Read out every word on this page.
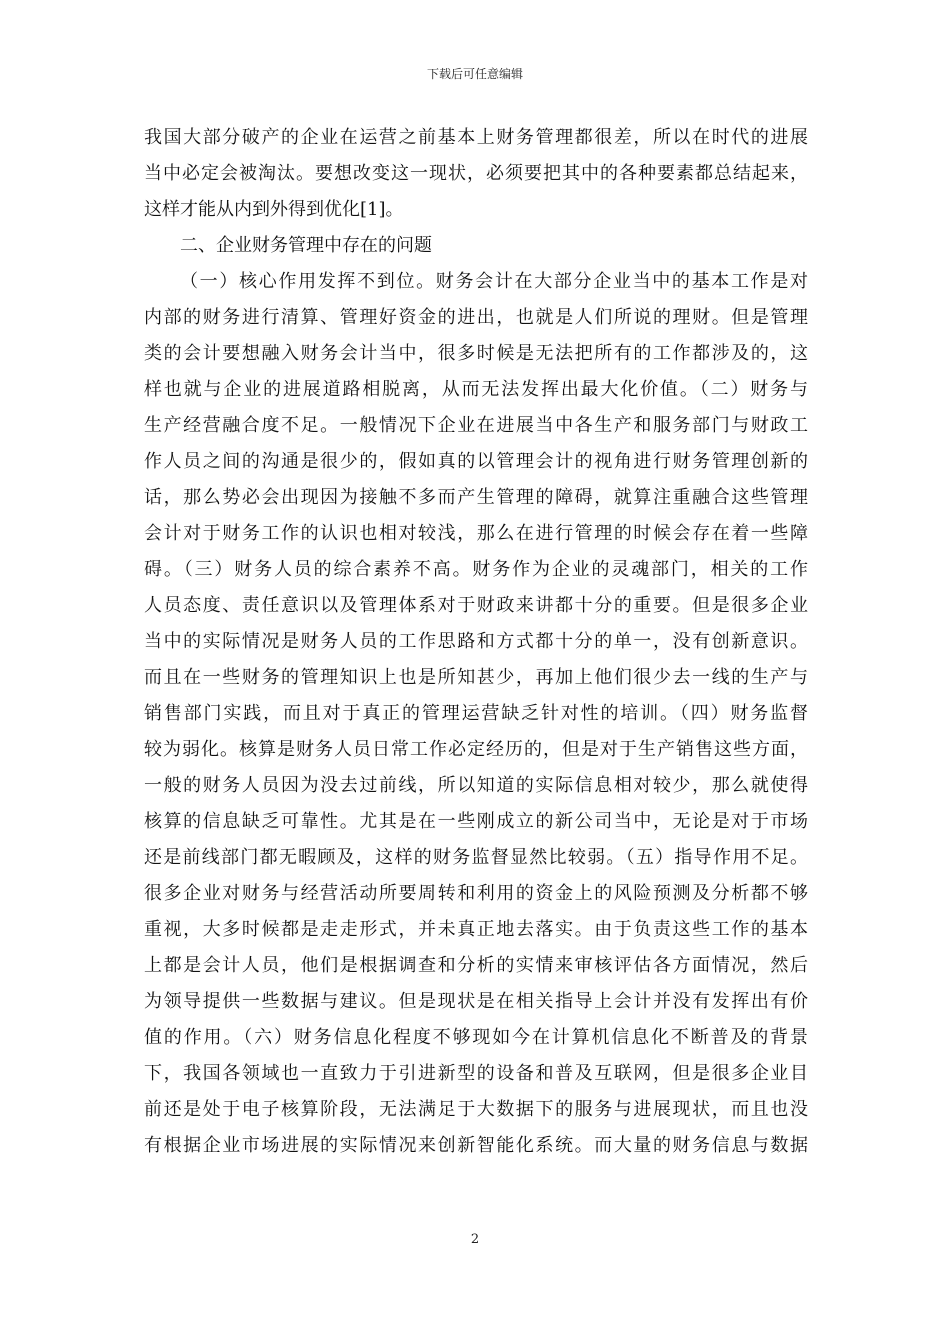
下载后可任意编辑
我国大部分破产的企业在运营之前基本上财务管理都很差，所以在时代的进展
当中必定会被淘汰。要想改变这一现状，必须要把其中的各种要素都总结起来，
这样才能从内到外得到优化[1]。
二、企业财务管理中存在的问题
（一）核心作用发挥不到位。财务会计在大部分企业当中的基本工作是对
内部的财务进行清算、管理好资金的进出，也就是人们所说的理财。但是管理
类的会计要想融入财务会计当中，很多时候是无法把所有的工作都涉及的，这
样也就与企业的进展道路相脱离，从而无法发挥出最大化价值。（二）财务与
生产经营融合度不足。一般情况下企业在进展当中各生产和服务部门与财政工
作人员之间的沟通是很少的，假如真的以管理会计的视角进行财务管理创新的
话，那么势必会出现因为接触不多而产生管理的障碍，就算注重融合这些管理
会计对于财务工作的认识也相对较浅，那么在进行管理的时候会存在着一些障
碍。（三）财务人员的综合素养不高。财务作为企业的灵魂部门，相关的工作
人员态度、责任意识以及管理体系对于财政来讲都十分的重要。但是很多企业
当中的实际情况是财务人员的工作思路和方式都十分的单一，没有创新意识。
而且在一些财务的管理知识上也是所知甚少，再加上他们很少去一线的生产与
销售部门实践，而且对于真正的管理运营缺乏针对性的培训。（四）财务监督
较为弱化。核算是财务人员日常工作必定经历的，但是对于生产销售这些方面，
一般的财务人员因为没去过前线，所以知道的实际信息相对较少，那么就使得
核算的信息缺乏可靠性。尤其是在一些刚成立的新公司当中，无论是对于市场
还是前线部门都无暇顾及，这样的财务监督显然比较弱。（五）指导作用不足。
很多企业对财务与经营活动所要周转和利用的资金上的风险预测及分析都不够
重视，大多时候都是走走形式，并未真正地去落实。由于负责这些工作的基本
上都是会计人员，他们是根据调查和分析的实情来审核评估各方面情况，然后
为领导提供一些数据与建议。但是现状是在相关指导上会计并没有发挥出有价
值的作用。（六）财务信息化程度不够现如今在计算机信息化不断普及的背景
下，我国各领域也一直致力于引进新型的设备和普及互联网，但是很多企业目
前还是处于电子核算阶段，无法满足于大数据下的服务与进展现状，而且也没
有根据企业市场进展的实际情况来创新智能化系统。而大量的财务信息与数据
2
